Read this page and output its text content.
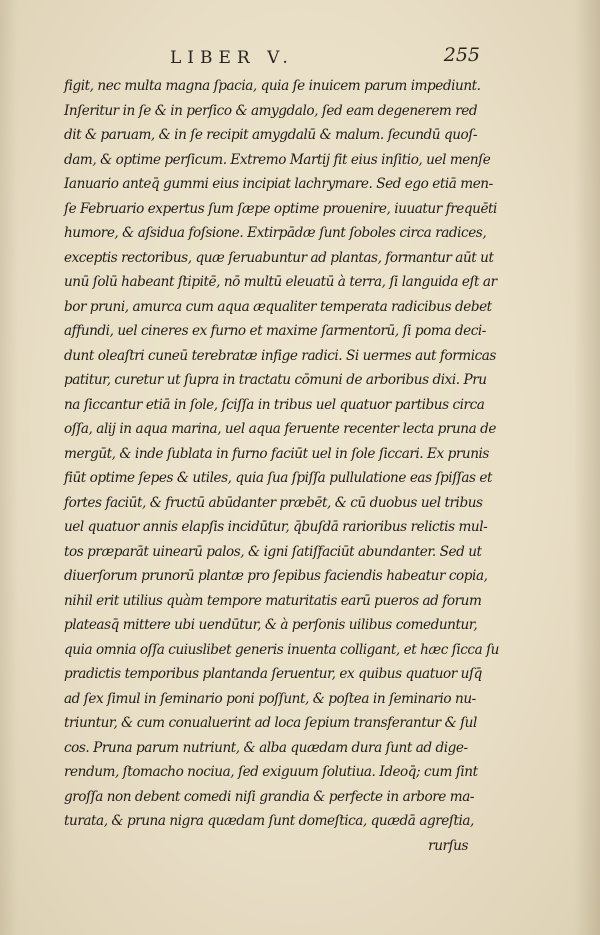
LIBER V.	255
figit, nec multa magna ſpacia, quia ſe inuicem parum impediunt.
Inſeritur in ſe & in perſico & amygdalo, ſed eam degenerem red
dit & paruam, & in ſe recipit amygdalū & malum. ſecundū quoſ-
dam, & optime perſicum. Extremo Martij fit eius inſitio, uel menſe
Ianuario anteq̄ gummi eius incipiat lachrymare. Sed ego etiā men-
ſe Februario expertus ſum ſæpe optime prouenire, iuuatur frequēti
humore, & aſsidua foſsione. Extirpādæ ſunt ſoboles circa radices,
exceptis rectoribus, quæ ſeruabuntur ad plantas, formantur aūt ut
unū ſolū habeant ſtipitē, nō multū eleuatū à terra, ſi languida eſt ar
bor pruni, amurca cum aqua æqualiter temperata radicibus debet
affundi, uel cineres ex furno et maxime ſarmentorū, ſi poma deci-
dunt oleaſtri cuneū terebratæ infige radici. Si uermes aut formicas
patitur, curetur ut ſupra in tractatu cōmuni de arboribus dixi. Pru
na ſiccantur etiā in ſole, ſciſſa in tribus uel quatuor partibus circa
oſſa, alij in aqua marina, uel aqua feruente recenter lecta pruna de
mergūt, & inde ſublata in furno faciūt uel in ſole ſiccari. Ex prunis
fiūt optime ſepes & utiles, quia ſua ſpiſſa pullulatione eas ſpiſſas et
fortes faciūt, & fructū abūdanter præbēt, & cū duobus uel tribus
uel quatuor annis elapſis incidūtur, q̄buſdā rarioribus relictis mul-
tos præparāt uinearū palos, & igni ſatiſfaciūt abundanter. Sed ut
diuerſorum prunorū plantæ pro ſepibus faciendis habeatur copia,
nihil erit utilius quàm tempore maturitatis earū pueros ad forum
plateasq̄ mittere ubi uendūtur, & à perſonis uilibus comeduntur,
quia omnia oſſa cuiuslibet generis inuenta colligant, et hæc ſicca ſu
pradictis temporibus plantanda ſeruentur, ex quibus quatuor uſq̄
ad ſex ſimul in ſeminario poni poſſunt, & poſtea in ſeminario nu-
triuntur, & cum conualuerint ad loca ſepium transferantur & ſul
cos. Pruna parum nutriunt, & alba quædam dura ſunt ad dige-
rendum, ſtomacho nociua, ſed exiguum ſolutiua. Ideoq̄; cum ſint
groſſa non debent comedi niſi grandia & perfecte in arbore ma-
turata, & pruna nigra quædam ſunt domeſtica, quædā agreſtia,
rurſus
